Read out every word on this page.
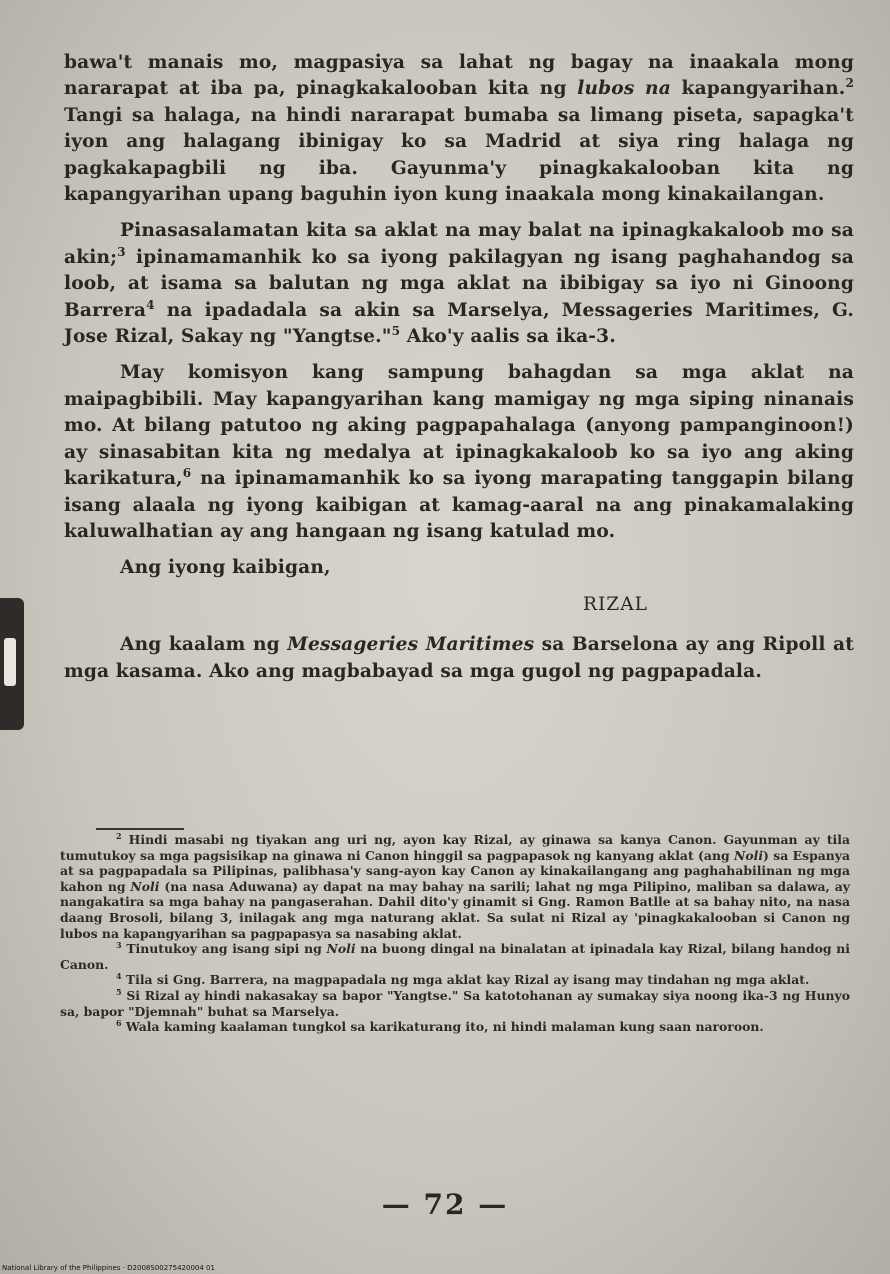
bawa't manais mo, magpasiya sa lahat ng bagay na inaakala mong nararapat at iba pa, pinagkakalooban kita ng lubos na kapangyarihan.$^2$ Tangi sa halaga, na hindi nararapat bumaba sa limang piseta, sapagka't iyon ang halagang ibinigay ko sa Madrid at siya ring halaga ng pagkakapagbili ng iba. Gayunma'y pinagkakalooban kita ng kapangyarihan upang baguhin iyon kung inaakala mong kinakailangan.

Pinasasalamatan kita sa aklat na may balat na ipinagkakaloob mo sa akin;$^3$ ipinamamanhik ko sa iyong pakilagyan ng isang paghahandog sa loob, at isama sa balutan ng mga aklat na ibibigay sa iyo ni Ginoong Barrera$^4$ na ipadadala sa akin sa Marselya, Messageries Maritimes, G. Jose Rizal, Sakay ng "Yangtse."$^5$ Ako'y aalis sa ika-3.

May komisyon kang sampung bahagdan sa mga aklat na maipagbibili. May kapangyarihan kang mamigay ng mga siping ninanais mo. At bilang patutoo ng aking pagpapahalaga (anyong pampanginoon!) ay sinasabitan kita ng medalya at ipinagkakaloob ko sa iyo ang aking karikatura,$^6$ na ipinamamanhik ko sa iyong marapating tanggapin bilang isang alaala ng iyong kaibigan at kamag-aaral na ang pinakamalaking kaluwalhatian ay ang hangaan ng isang katulad mo.

Ang iyong kaibigan,

RIZAL

Ang kaalam ng Messageries Maritimes sa Barselona ay ang Ripoll at mga kasama. Ako ang magbabayad sa mga gugol ng pagpapadala.

$^2$ Hindi masabi ng tiyakan ang uri ng, ayon kay Rizal, ay ginawa sa kanya Canon. Gayunman ay tila tumutukoy sa mga pagsisikap na ginawa ni Canon hinggil sa pagpapasok ng kanyang aklat (ang Noli) sa Espanya at sa pagpapadala sa Pilipinas, palibhasa'y sang-ayon kay Canon ay kinakailangang ang paghahabilinan ng mga kahon ng Noli (na nasa Aduwana) ay dapat na may bahay na sarili; lahat ng mga Pilipino, maliban sa dalawa, ay nangakatira sa mga bahay na pangaserahan. Dahil dito'y ginamit si Gng. Ramon Batlle at sa bahay nito, na nasa daang Brosoli, bilang 3, inilagak ang mga naturang aklat. Sa sulat ni Rizal ay 'pinagkakalooban si Canon ng lubos na kapangyarihan sa pagpapasya sa nasabing aklat.

$^3$ Tinutukoy ang isang sipi ng Noli na buong dingal na binalatan at ipinadala kay Rizal, bilang handog ni Canon.

$^4$ Tila si Gng. Barrera, na magpapadala ng mga aklat kay Rizal ay isang may tindahan ng mga aklat.

$^5$ Si Rizal ay hindi nakasakay sa bapor "Yangtse." Sa katotohanan ay sumakay siya noong ika-3 ng Hunyo sa, bapor "Djemnah" buhat sa Marselya.

$^6$ Wala kaming kaalaman tungkol sa karikaturang ito, ni hindi malaman kung saan naroroon.

— 72 —
National Library of the Philippines · D2008S00275420004 01
